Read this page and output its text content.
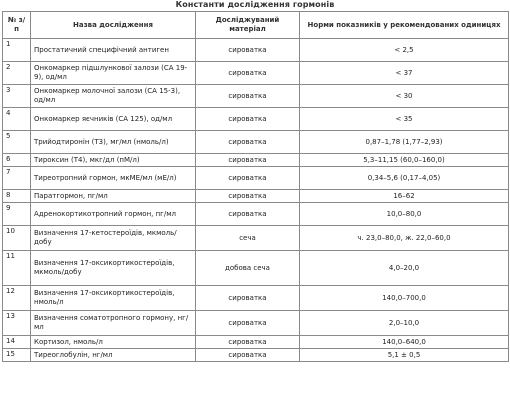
Константи дослідження гормонів
№ з/п	Назва дослідження	Досліджуваний матеріал	Норми показників у рекомендованих одиницях
1	Простатичний специфічний антиген	сироватка	< 2,5
2	Онкомаркер підшлункової залози (CA 19-9), од/мл	сироватка	< 37
3	Онкомаркер молочної залози (CA 15-3), од/мл	сироватка	< 30
4	Онкомаркер яєчників (CA 125), од/мл	сироватка	< 35
5	Трийодтиронін (T3), мг/мл (нмоль/л)	сироватка	0,87–1,78 (1,77–2,93)
6	Тироксин (T4), мкг/дл (пМ/л)	сироватка	5,3–11,15 (60,0–160,0)
7	Тиреотропний гормон, мкМЕ/мл (мЕ/л)	сироватка	0,34–5,6 (0,17–4,05)
8	Паратгормон, пг/мл	сироватка	16–62
9	Адренокортикотропний гормон, пг/мл	сироватка	10,0–80,0
10	Визначення 17-кетостероїдів, мкмоль/добу	сеча	ч. 23,0–80,0, ж. 22,0–60,0
11	Визначення 17-оксикортикостероїдів, мкмоль/добу	добова сеча	4,0–20,0
12	Визначення 17-оксикортикостероїдів, нмоль/л	сироватка	140,0–700,0
13	Визначення соматотропного гормону, нг/мл	сироватка	2,0–10,0
14	Кортизол, нмоль/л	сироватка	140,0–640,0
15	Тиреоглобулін, нг/мл	сироватка	5,1 ± 0,5
